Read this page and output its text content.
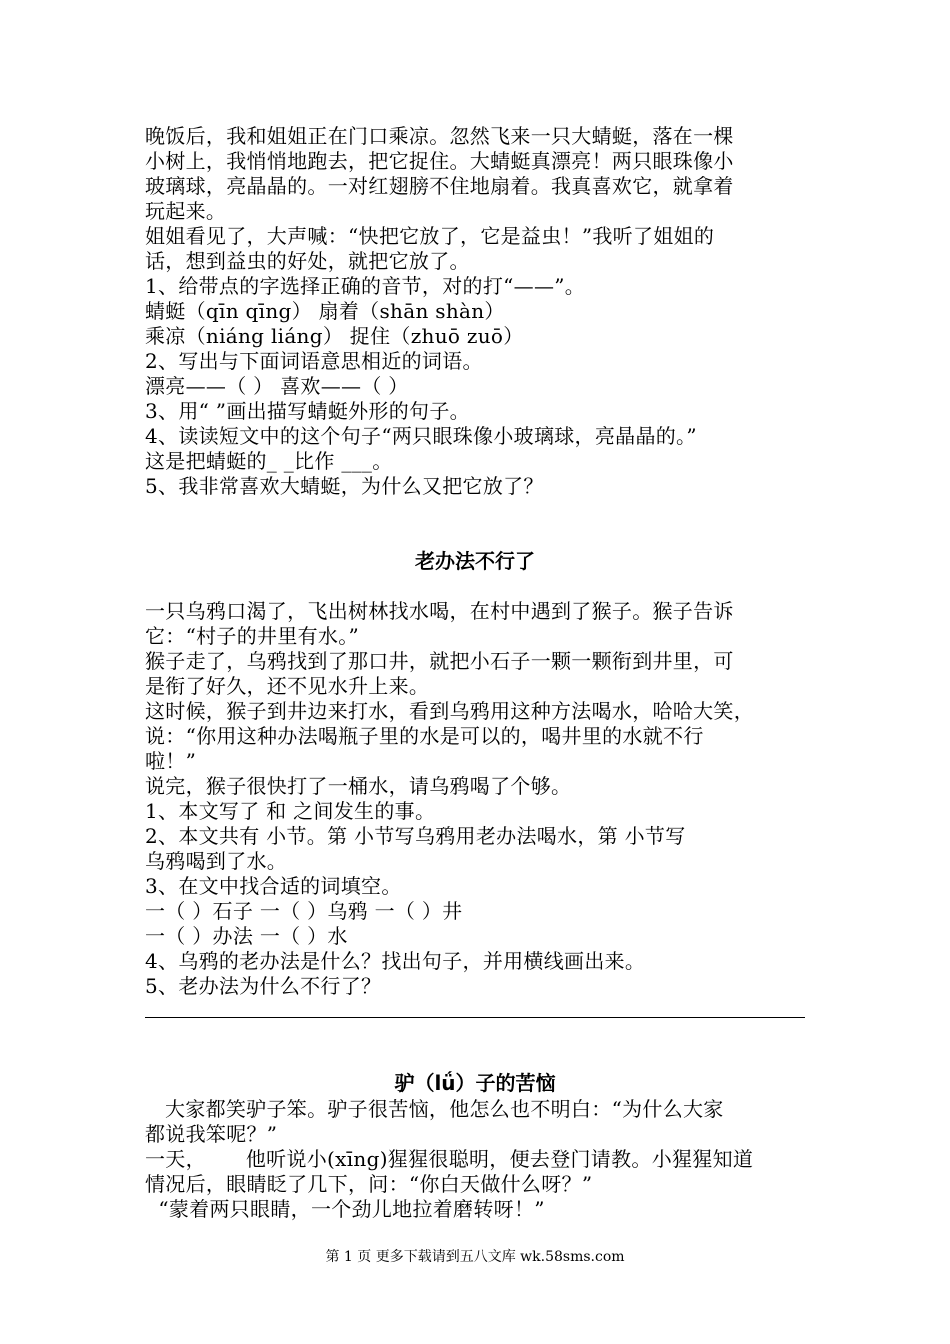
晚饭后，我和姐姐正在门口乘凉。忽然飞来一只大蜻蜓，落在一棵
小树上，我悄悄地跑去，把它捉住。大蜻蜓真漂亮！两只眼珠像小
玻璃球，亮晶晶的。一对红翅膀不住地扇着。我真喜欢它，就拿着
玩起来。
姐姐看见了，大声喊：“快把它放了，它是益虫！”我听了姐姐的
话，想到益虫的好处，就把它放了。
1、给带点的字选择正确的音节，对的打“——”。
蜻蜓（qīn qīng） 扇着（shān shàn）
乘凉（niáng liáng） 捉住（zhuō zuō）
2、写出与下面词语意思相近的词语。
漂亮——（ ） 喜欢——（ ）
3、用“ ”画出描写蜻蜓外形的句子。
4、读读短文中的这个句子“两只眼珠像小玻璃球，亮晶晶的。”
这是把蜻蜓的_ _比作 ___。
5、我非常喜欢大蜻蜓，为什么又把它放了？
老办法不行了
一只乌鸦口渴了，飞出树林找水喝，在村中遇到了猴子。猴子告诉
它：“村子的井里有水。”
猴子走了，乌鸦找到了那口井，就把小石子一颗一颗衔到井里，可
是衔了好久，还不见水升上来。
这时候，猴子到井边来打水，看到乌鸦用这种方法喝水，哈哈大笑，
说：“你用这种办法喝瓶子里的水是可以的，喝井里的水就不行
啦！”
说完，猴子很快打了一桶水，请乌鸦喝了个够。
1、本文写了 和 之间发生的事。
2、本文共有 小节。第 小节写乌鸦用老办法喝水，第 小节写
乌鸦喝到了水。
3、在文中找合适的词填空。
一（ ）石子 一（ ）乌鸦 一（ ）井
一（ ）办法 一（ ）水
4、乌鸦的老办法是什么？找出句子，并用横线画出来。
5、老办法为什么不行了？
驴（lǘ）子的苦恼
大家都笑驴子笨。驴子很苦恼，他怎么也不明白：“为什么大家
都说我笨呢？”
一天，      他听说小(xīng)猩猩很聪明，便去登门请教。小猩猩知道
情况后，眼睛眨了几下，问：“你白天做什么呀？”
“蒙着两只眼睛，一个劲儿地拉着磨转呀！”
第 1 页 更多下载请到五八文库 wk.58sms.com
